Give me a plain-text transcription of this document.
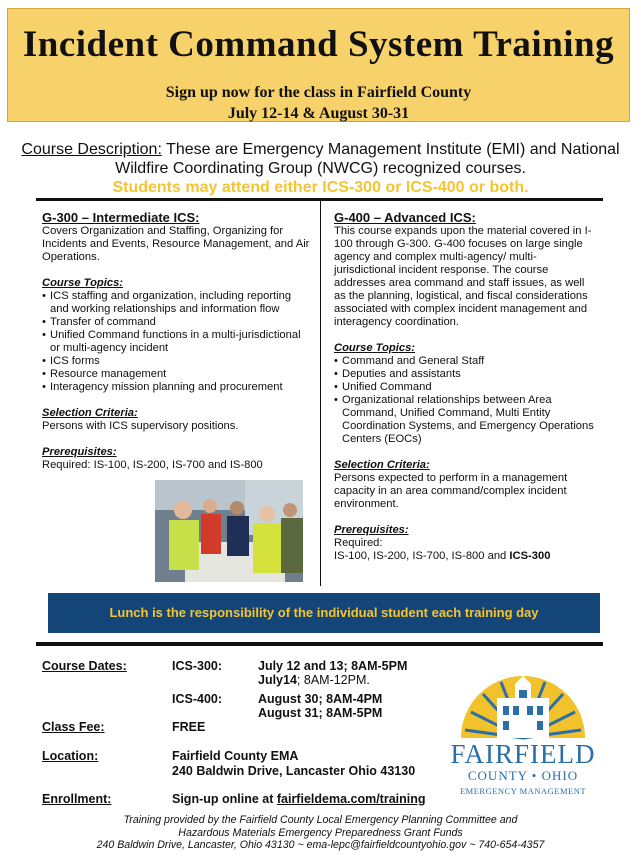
Incident Command System Training
Sign up now for the class in Fairfield County
July 12-14 & August 30-31
Course Description: These are Emergency Management Institute (EMI) and National Wildfire Coordinating Group (NWCG) recognized courses.
Students may attend either ICS-300 or ICS-400 or both.
G-300 – Intermediate ICS:

Covers Organization and Staffing, Organizing for Incidents and Events, Resource Management, and Air Operations.

Course Topics:
• ICS staffing and organization, including reporting and working relationships and information flow
• Transfer of command
• Unified Command functions in a multi-jurisdictional or multi-agency incident
• ICS forms
• Resource management
• Interagency mission planning and procurement
Selection Criteria:

Persons with ICS supervisory positions.

Prerequisites:

Required: IS-100, IS-200, IS-700 and IS-800

G-400 – Advanced ICS:

This course expands upon the material covered in I-100 through G-300. G-400 focuses on large single agency and complex multi-agency/ multi-jurisdictional incident response. The course addresses area command and staff issues, as well as the planning, logistical, and fiscal considerations associated with complex incident management and interagency coordination.

Course Topics:
• Command and General Staff
• Deputies and assistants
• Unified Command
• Organizational relationships between Area Command, Unified Command, Multi Entity Coordination Systems, and Emergency Operations Centers (EOCs)
Selection Criteria:

Persons expected to perform in a management capacity in an area command/complex incident environment.

Prerequisites:

Required:
IS-100, IS-200, IS-700, IS-800 and ICS-300

Lunch is the responsibility of the individual student each training day
Course Dates:	ICS-300:	July 12 and 13; 8AM-5PM
July14; 8AM-12PM.
ICS-400:	August 30; 8AM-4PM
August 31; 8AM-5PM
Class Fee:	FREE
Location:	Fairfield County EMA
240 Baldwin Drive, Lancaster Ohio 43130
Enrollment:	Sign-up online at fairfieldema.com/training
FAIRFIELD
COUNTY • OHIO
EMERGENCY MANAGEMENT
Training provided by the Fairfield County Local Emergency Planning Committee and
Hazardous Materials Emergency Preparedness Grant Funds
240 Baldwin Drive, Lancaster, Ohio 43130 ~ ema-lepc@fairfieldcountyohio.gov ~ 740-654-4357
